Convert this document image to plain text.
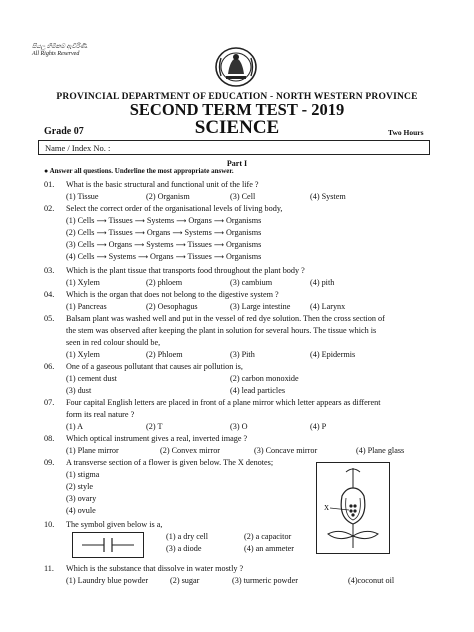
සියලු හිමිකම් ඇවිරිණි.
All Rights Reserved
PROVINCIAL DEPARTMENT OF EDUCATION - NORTH WESTERN PROVINCE
SECOND TERM TEST - 2019
Grade 07	SCIENCE	Two Hours
Name / Index No. :
Part I
● Answer all questions. Underline the most appropriate answer.
01. What is the basic structural and functional unit of the life ?
(1) Tissue	(2) Organism	(3) Cell	(4) System
02. Select the correct order of the organisational levels of living body,
(1) Cells ⟶ Tissues ⟶ Systems ⟶ Organs ⟶ Organisms
(2) Cells ⟶ Tissues ⟶ Organs ⟶ Systems ⟶ Organisms
(3) Cells ⟶ Organs ⟶ Systems ⟶ Tissues ⟶ Organisms
(4) Cells ⟶ Systems ⟶ Organs ⟶ Tissues ⟶ Organisms
03. Which is the plant tissue that transports food throughout the plant body ?
(1) Xylem	(2) phloem	(3) cambium	(4) pith
04. Which is the organ that does not belong to the digestive system ?
(1) Pancreas	(2) Oesophagus	(3) Large intestine (4) Larynx
05. Balsam plant was washed well and put in the vessel of red dye solution. Then the cross section of
the stem was observed after keeping the plant in solution for several hours. The tissue which is
seen in red colour should be,
(1) Xylem	(2) Phloem	(3) Pith	(4) Epidermis
06. One of a gaseous pollutant that causes air pollution is,
(1) cement dust	(2) carbon monoxide
(3) dust	(4) lead particles
07. Four capital English letters are placed in front of a plane mirror which letter appears as different
form its real nature ?
(1) A	(2) T	(3) O	(4) P
08. Which optical instrument gives a real, inverted image ?
(1) Plane mirror	(2) Convex mirror	(3) Concave mirror	(4) Plane glass
09. A transverse section of a flower is given below. The X denotes;
(1) stigma
(2) style
(3) ovary
(4) ovule	X
10. The symbol given below is a,
(1) a dry cell	(2) a capacitor
(3) a diode	(4) an ammeter
11. Which is the substance that dissolve in water mostly ?
(1) Laundry blue powder	(2) sugar	(3) turmeric powder	(4)coconut oil
